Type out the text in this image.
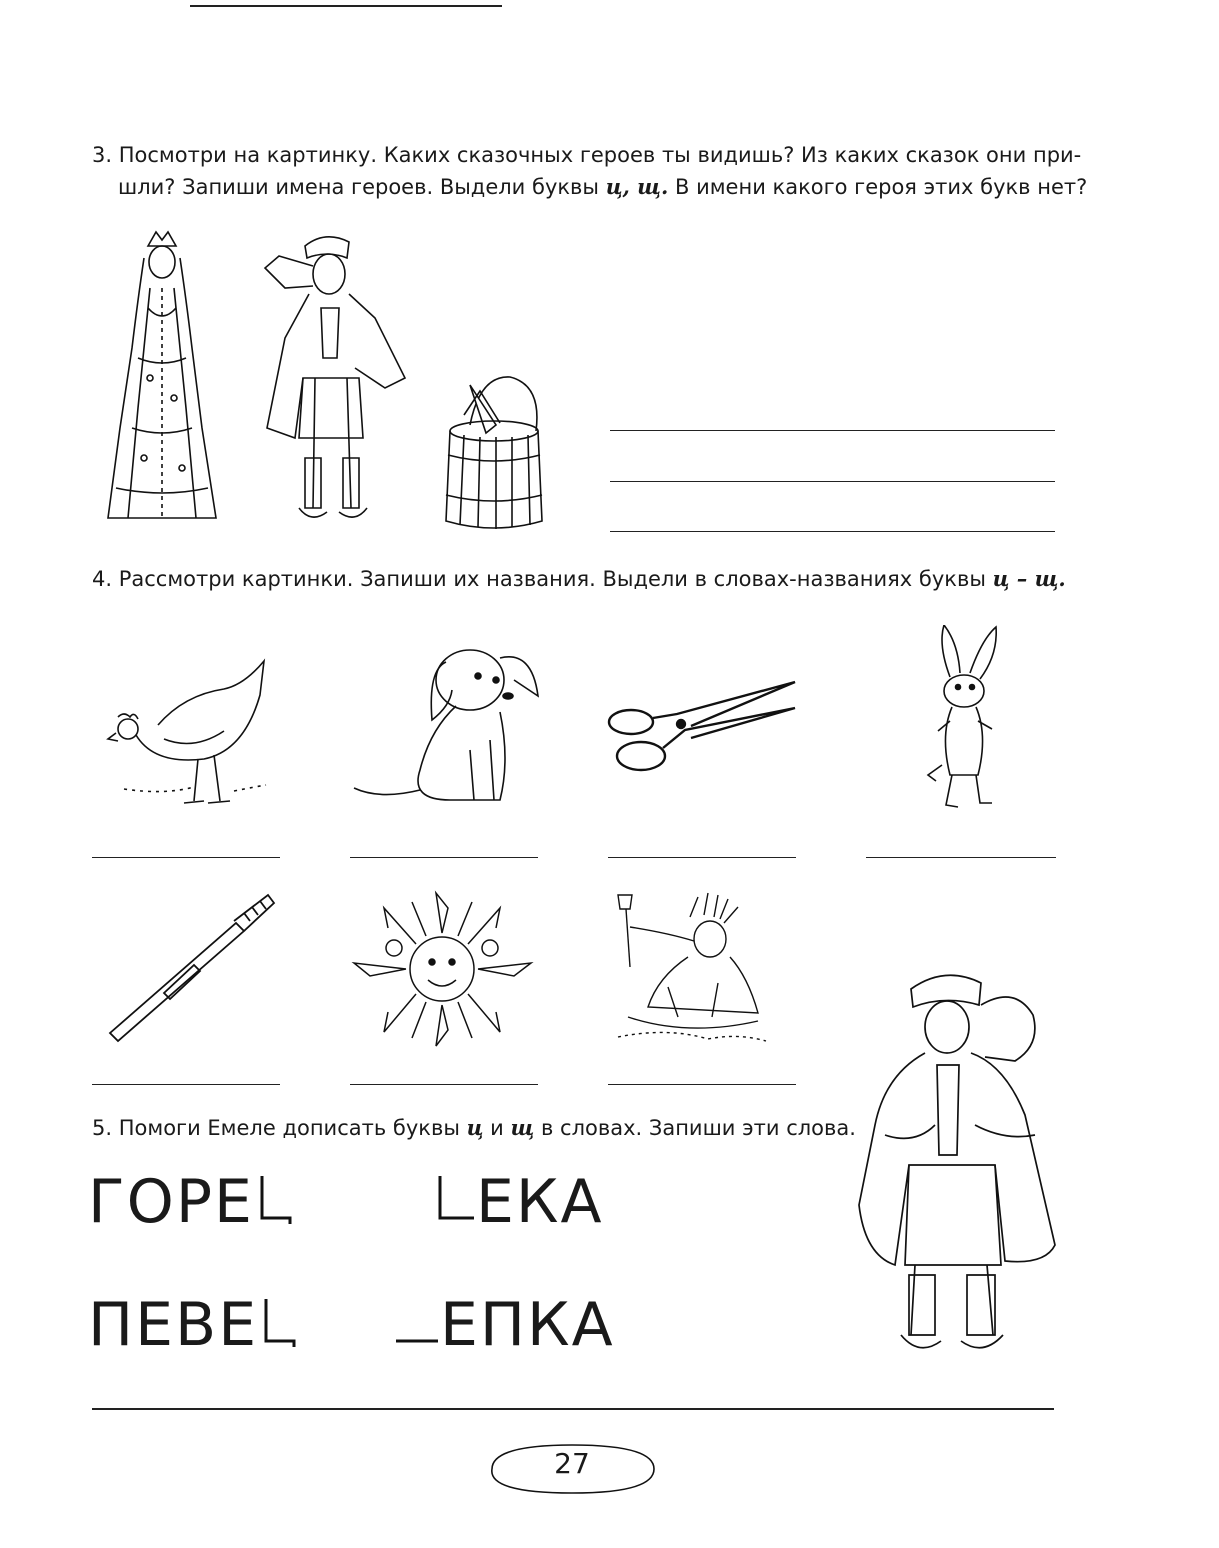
3. Посмотри на картинку. Каких сказочных героев ты видишь? Из каких сказок они при-
шли? Запиши имена героев. Выдели буквы ц, щ. В имени какого героя этих букв нет?
4. Рассмотри картинки. Запиши их названия. Выдели в словах-названиях буквы ц – щ.
5. Помоги Емеле дописать буквы ц и щ в словах. Запиши эти слова.
ГОРЕ	ЕКА
ПЕВЕ	ЕПКА
27
